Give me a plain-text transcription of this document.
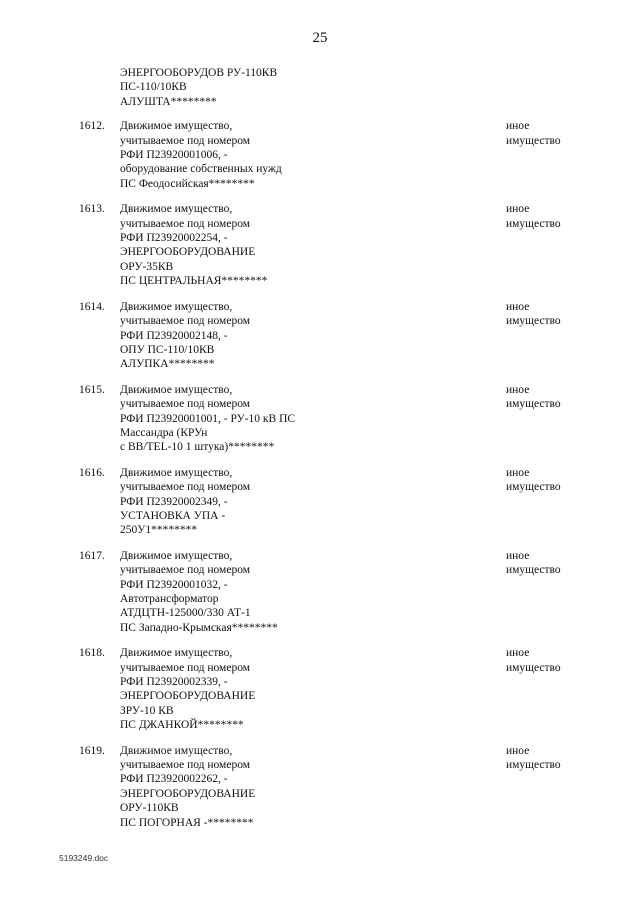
25
ЭНЕРГООБОРУДОВ РУ-110КВ
ПС-110/10КВ
АЛУШТА********
1612. Движимое имущество,
учитываемое под номером
РФИ П23920001006, -
оборудование собственных нужд
ПС Феодосийская********
иное
имущество
1613. Движимое имущество,
учитываемое под номером
РФИ П23920002254, -
ЭНЕРГООБОРУДОВАНИЕ
ОРУ-35КВ
ПС ЦЕНТРАЛЬНАЯ********
иное
имущество
1614. Движимое имущество,
учитываемое под номером
РФИ П23920002148, -
ОПУ ПС-110/10КВ
АЛУПКА********
иное
имущество
1615. Движимое имущество,
учитываемое под номером
РФИ П23920001001, - РУ-10 кВ ПС
Массандра (КРУн
с BB/TEL-10 1 штука)********
иное
имущество
1616. Движимое имущество,
учитываемое под номером
РФИ П23920002349, -
УСТАНОВКА УПА -
250У1********
иное
имущество
1617. Движимое имущество,
учитываемое под номером
РФИ П23920001032, -
Автотрансформатор
АТДЦТН-125000/330 АТ-1
ПС Западно-Крымская********
иное
имущество
1618. Движимое имущество,
учитываемое под номером
РФИ П23920002339, -
ЭНЕРГООБОРУДОВАНИЕ
ЗРУ-10 КВ
ПС ДЖАНКОЙ********
иное
имущество
1619. Движимое имущество,
учитываемое под номером
РФИ П23920002262, -
ЭНЕРГООБОРУДОВАНИЕ
ОРУ-110КВ
ПС ПОГОРНАЯ -********
иное
имущество
5193249.doc
